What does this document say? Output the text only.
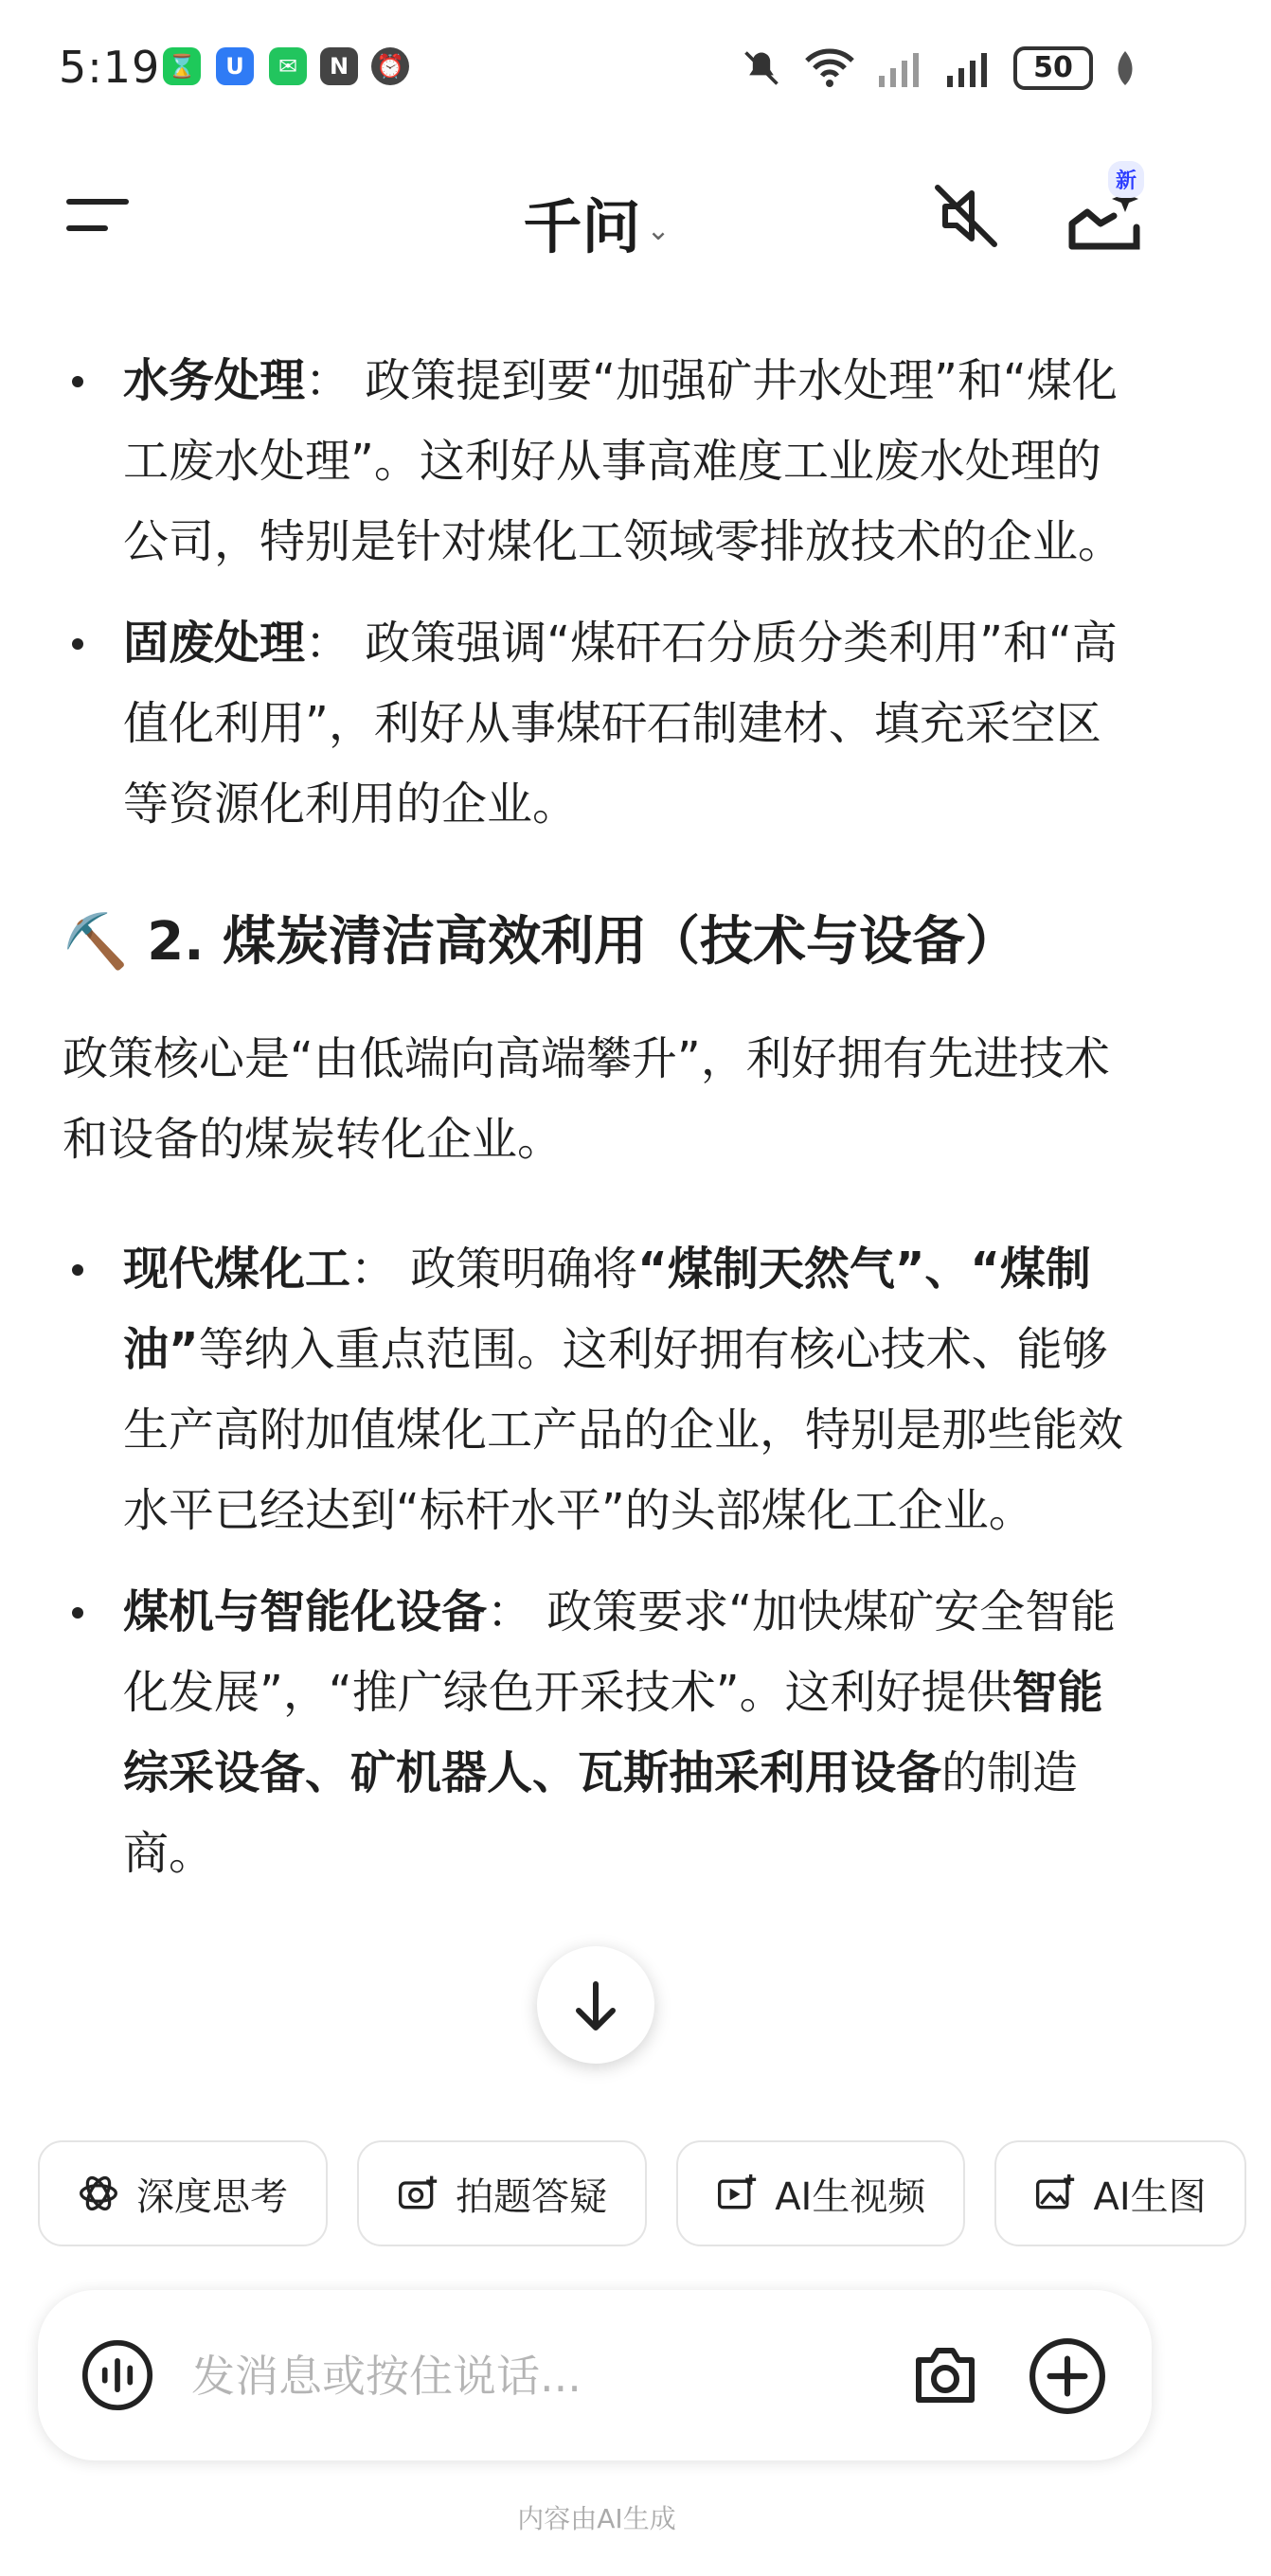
5:19 ⌛	U	✉	N	⏰	50
千问 ⌄
新
水务处理： 政策提到要“加强矿井水处理”和“煤化工废水处理”。这利好从事高难度工业废水处理的公司，特别是针对煤化工领域零排放技术的企业。
固废处理： 政策强调“煤矸石分质分类利用”和“高值化利用”，利好从事煤矸石制建材、填充采空区等资源化利用的企业。
⛏️ 2. 煤炭清洁高效利用（技术与设备）
政策核心是“由低端向高端攀升”，利好拥有先进技术和设备的煤炭转化企业。
现代煤化工： 政策明确将“煤制天然气”、“煤制油”等纳入重点范围。这利好拥有核心技术、能够生产高附加值煤化工产品的企业，特别是那些能效水平已经达到“标杆水平”的头部煤化工企业。
煤机与智能化设备： 政策要求“加快煤矿安全智能化发展”，“推广绿色开采技术”。这利好提供智能综采设备、矿机器人、瓦斯抽采利用设备的制造商。
深度思考
	拍题答疑
	AI生视频
	AI生图
发消息或按住说话...
内容由AI生成
